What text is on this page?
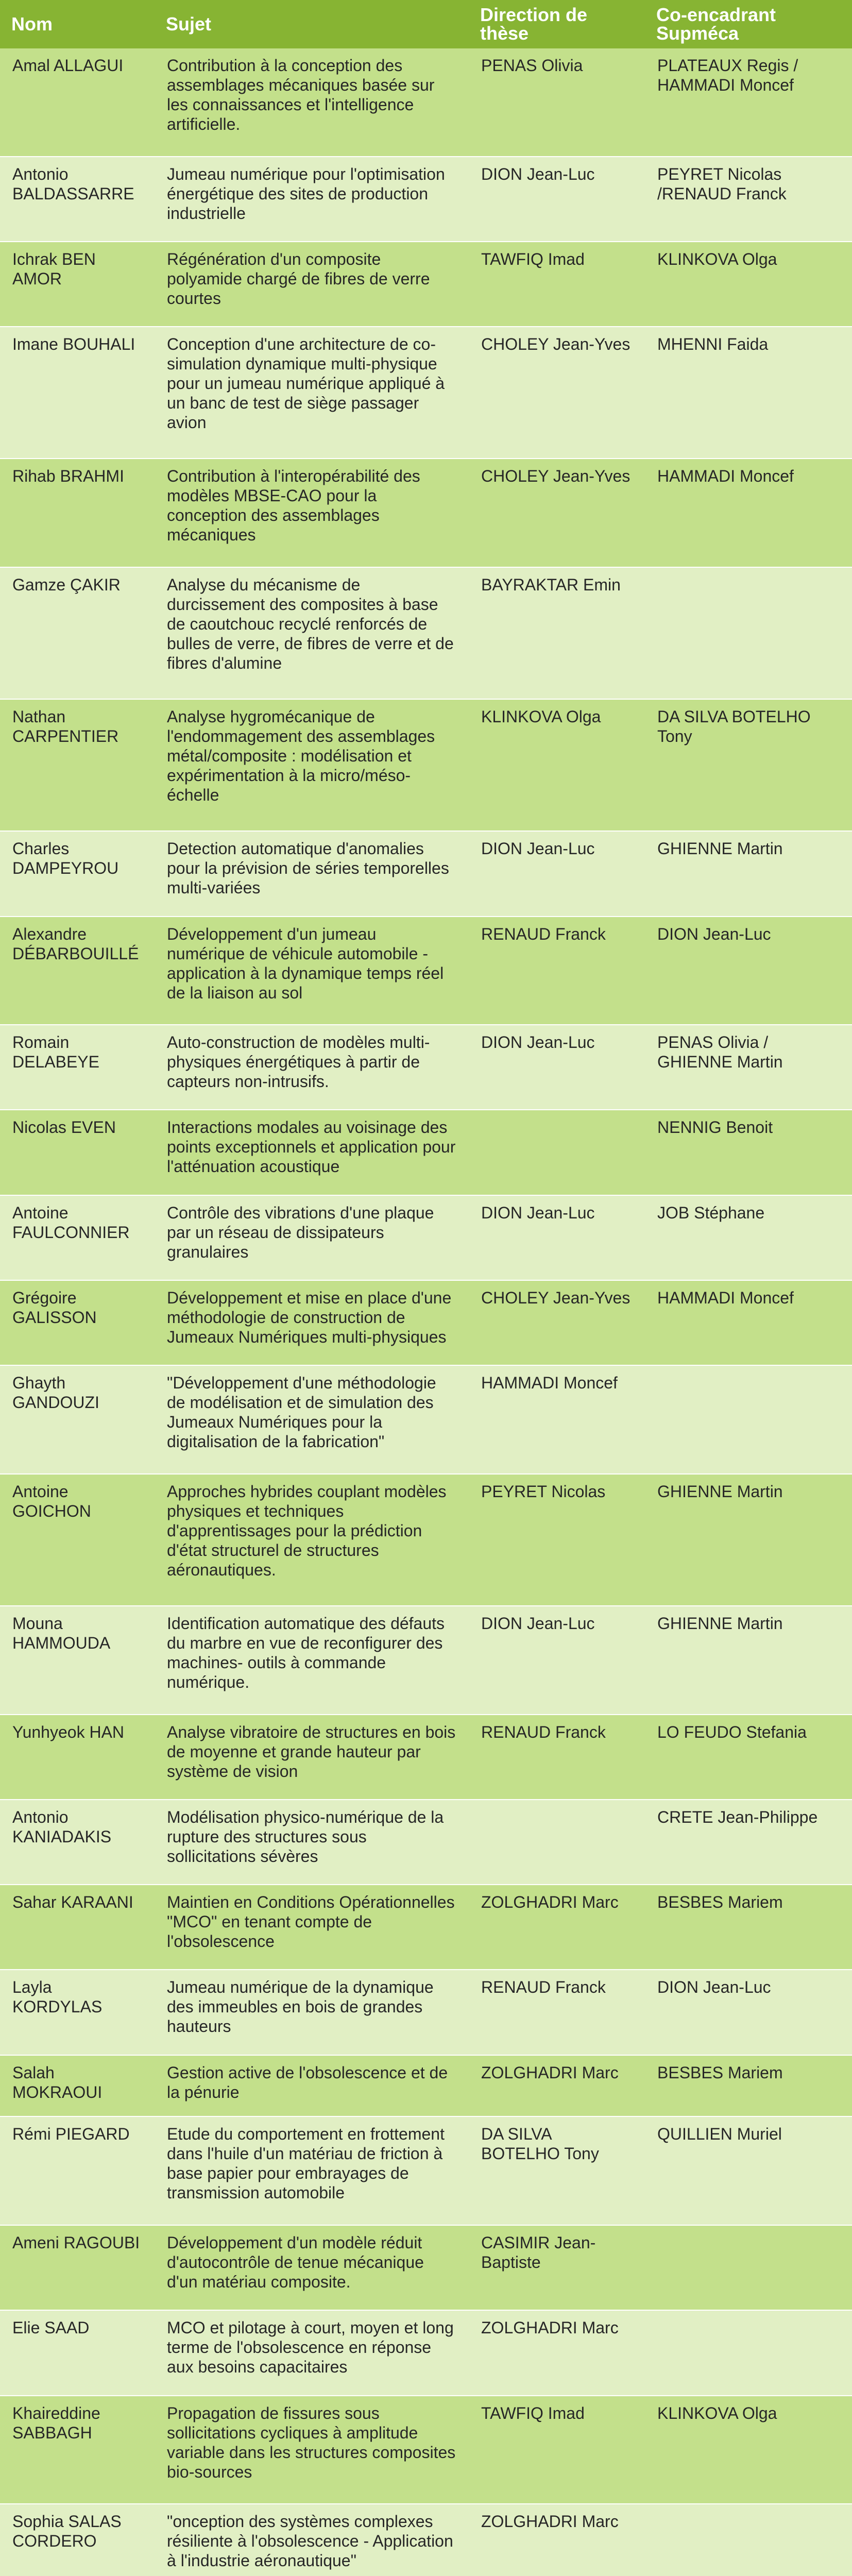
Nom	Sujet	Direction de thèse	Co-encadrant Supméca
Amal ALLAGUI	Contribution à la conception des assemblages mécaniques basée sur les connaissances et l'intelligence artificielle.	PENAS Olivia	PLATEAUX Regis / HAMMADI Moncef
Antonio BALDASSARRE	Jumeau numérique pour l'optimisation énergétique des sites de production industrielle	DION Jean-Luc	PEYRET Nicolas /RENAUD Franck
Ichrak BEN AMOR	Régénération d'un composite polyamide chargé de fibres de verre courtes	TAWFIQ Imad	KLINKOVA Olga
Imane BOUHALI	Conception d'une architecture de co-simulation dynamique multi-physique pour un jumeau numérique appliqué à un banc de test de siège passager avion	CHOLEY Jean-Yves	MHENNI Faida
Rihab BRAHMI	Contribution à l'interopérabilité des modèles MBSE-CAO pour la conception des assemblages mécaniques	CHOLEY Jean-Yves	HAMMADI Moncef
Gamze ÇAKIR	Analyse du mécanisme de durcissement des composites à base de caoutchouc recyclé renforcés de bulles de verre, de fibres de verre et de fibres d'alumine	BAYRAKTAR Emin	
Nathan CARPENTIER	Analyse hygromécanique de l'endommagement des assemblages métal/composite : modélisation et expérimentation à la micro/méso-échelle	KLINKOVA Olga	DA SILVA BOTELHO Tony
Charles DAMPEYROU	Detection automatique d'anomalies pour la prévision de séries temporelles multi-variées	DION Jean-Luc	GHIENNE Martin
Alexandre DÉBARBOUILLÉ	Développement d'un jumeau numérique de véhicule automobile - application à la dynamique temps réel de la liaison au sol	RENAUD Franck	DION Jean-Luc
Romain DELABEYE	Auto-construction de modèles multi-physiques énergétiques à partir de capteurs non-intrusifs.	DION Jean-Luc	PENAS Olivia / GHIENNE Martin
Nicolas EVEN	Interactions modales au voisinage des points exceptionnels et application pour l'atténuation acoustique		NENNIG Benoit
Antoine FAULCONNIER	Contrôle des vibrations d'une plaque par un réseau de dissipateurs granulaires	DION Jean-Luc	JOB Stéphane
Grégoire GALISSON	Développement et mise en place d'une méthodologie de construction de Jumeaux Numériques multi-physiques	CHOLEY Jean-Yves	HAMMADI Moncef
Ghayth GANDOUZI	"Développement d'une méthodologie de modélisation et de simulation des Jumeaux Numériques pour la digitalisation de la fabrication"	HAMMADI Moncef	
Antoine GOICHON	Approches hybrides couplant modèles physiques et techniques d'apprentissages pour la prédiction d'état structurel de structures aéronautiques.	PEYRET Nicolas	GHIENNE Martin
Mouna HAMMOUDA	Identification automatique des défauts du marbre en vue de reconfigurer des machines- outils à commande numérique.	DION Jean-Luc	GHIENNE Martin
Yunhyeok HAN	Analyse vibratoire de structures en bois de moyenne et grande hauteur par système de vision	RENAUD Franck	LO FEUDO Stefania
Antonio KANIADAKIS	Modélisation physico-numérique de la rupture des structures sous sollicitations sévères		CRETE Jean-Philippe
Sahar KARAANI	Maintien en Conditions Opérationnelles "MCO" en tenant compte de l'obsolescence	ZOLGHADRI Marc	BESBES Mariem
Layla KORDYLAS	Jumeau numérique de la dynamique des immeubles en bois de grandes hauteurs	RENAUD Franck	DION Jean-Luc
Salah MOKRAOUI	Gestion active de l'obsolescence et de la pénurie	ZOLGHADRI Marc	BESBES Mariem
Rémi PIEGARD	Etude du comportement en frottement dans l'huile d'un matériau de friction à base papier pour embrayages de transmission automobile	DA SILVA BOTELHO Tony	QUILLIEN Muriel
Ameni RAGOUBI	Développement d'un modèle réduit d'autocontrôle de tenue mécanique d'un matériau composite.	CASIMIR Jean-Baptiste	
Elie SAAD	MCO et pilotage à court, moyen et long terme de l'obsolescence en réponse aux besoins capacitaires	ZOLGHADRI Marc	
Khaireddine SABBAGH	Propagation de fissures sous sollicitations cycliques à amplitude variable dans les structures composites bio-sources	TAWFIQ Imad	KLINKOVA Olga
Sophia SALAS CORDERO	"onception des systèmes complexes résiliente à l'obsolescence - Application à l'industrie aéronautique"	ZOLGHADRI Marc	
